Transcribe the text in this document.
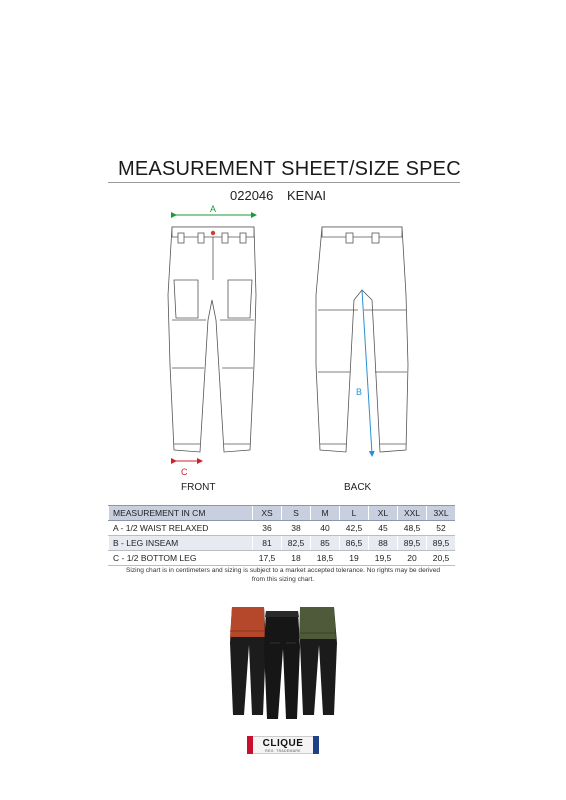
MEASUREMENT SHEET/SIZE SPEC
022046 KENAI
A
C
B
FRONT	BACK
MEASUREMENT IN CM	XS	S	M	L	XL	XXL	3XL
A - 1/2 WAIST RELAXED	36	38	40	42,5	45	48,5	52
B - LEG INSEAM	81	82,5	85	86,5	88	89,5	89,5
C - 1/2 BOTTOM LEG	17,5	18	18,5	19	19,5	20	20,5
Sizing chart is in centimeters and sizing is subject to a market accepted tolerance. No rights may be derived from this sizing chart.
CLIQUE
REG. TRADEMARK
